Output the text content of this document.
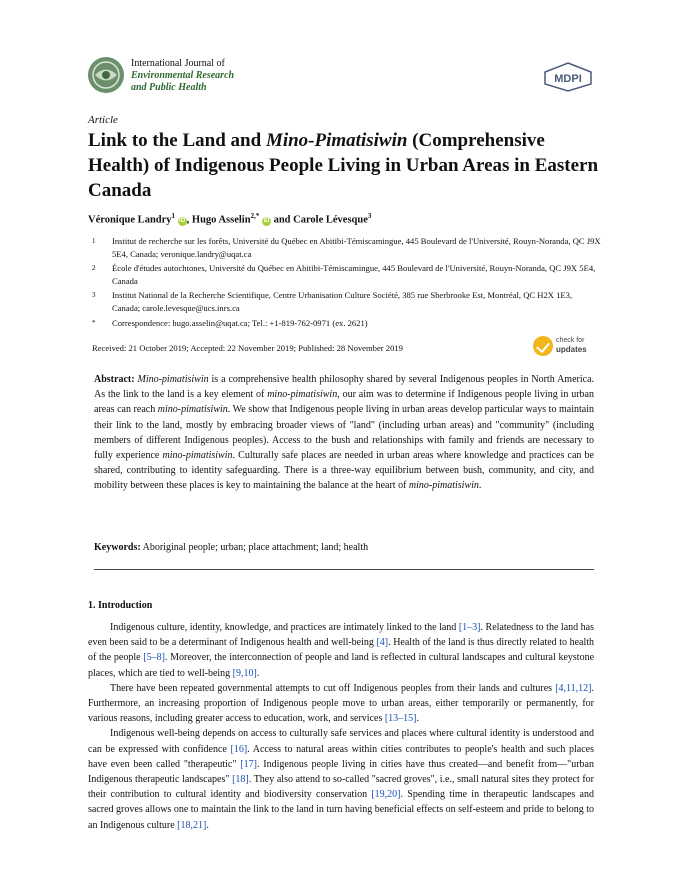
International Journal of
Environmental Research
and Public Health
MDPI
Article
Link to the Land and Mino-Pimatisiwin (Comprehensive Health) of Indigenous People Living in Urban Areas in Eastern Canada
Véronique Landry$^1$ iD , Hugo Asselin$^{2,*}$ iD and Carole Lévesque$^3$
1 Institut de recherche sur les forêts, Université du Québec en Abitibi-Témiscamingue, 445 Boulevard de l'Université, Rouyn-Noranda, QC J9X 5E4, Canada; veronique.landry@uqat.ca
2 École d'études autochtones, Université du Québec en Abitibi-Témiscamingue, 445 Boulevard de l'Université, Rouyn-Noranda, QC J9X 5E4, Canada
3 Institut National de la Recherche Scientifique, Centre Urbanisation Culture Société, 385 rue Sherbrooke Est, Montréal, QC H2X 1E3, Canada; carole.levesque@ucs.inrs.ca
* Correspondence: hugo.asselin@uqat.ca; Tel.: +1-819-762-0971 (ex. 2621)
Received: 21 October 2019; Accepted: 22 November 2019; Published: 28 November 2019
check for
updates
Abstract: Mino-pimatisiwin is a comprehensive health philosophy shared by several Indigenous peoples in North America. As the link to the land is a key element of mino-pimatisiwin, our aim was to determine if Indigenous people living in urban areas can reach mino-pimatisiwin. We show that Indigenous people living in urban areas develop particular ways to maintain their link to the land, mostly by embracing broader views of "land" (including urban areas) and "community" (including members of different Indigenous peoples). Access to the bush and relationships with family and friends are necessary to fully experience mino-pimatisiwin. Culturally safe places are needed in urban areas where knowledge and practices can be shared, contributing to identity safeguarding. There is a three-way equilibrium between bush, community, and city, and mobility between these places is key to maintaining the balance at the heart of mino-pimatisiwin.
Keywords: Aboriginal people; urban; place attachment; land; health
1. Introduction

Indigenous culture, identity, knowledge, and practices are intimately linked to the land [1–3]. Relatedness to the land has even been said to be a determinant of Indigenous health and well-being [4]. Health of the land is thus directly related to health of the people [5–8]. Moreover, the interconnection of people and land is reflected in cultural landscapes and cultural keystone places, which are tied to well-being [9,10].

There have been repeated governmental attempts to cut off Indigenous peoples from their lands and cultures [4,11,12]. Furthermore, an increasing proportion of Indigenous people move to urban areas, either temporarily or permanently, for various reasons, including greater access to education, work, and services [13–15].

Indigenous well-being depends on access to culturally safe services and places where cultural identity is understood and can be expressed with confidence [16]. Access to natural areas within cities contributes to people's health and such places have even been called "therapeutic" [17]. Indigenous people living in cities have thus created—and benefit from—"urban Indigenous therapeutic landscapes" [18]. They also attend to so-called "sacred groves", i.e., small natural sites they protect for their contribution to cultural identity and biodiversity conservation [19,20]. Spending time in therapeutic landscapes and sacred groves allows one to maintain the link to the land in turn having beneficial effects on self-esteem and pride to belong to an Indigenous culture [18,21].
